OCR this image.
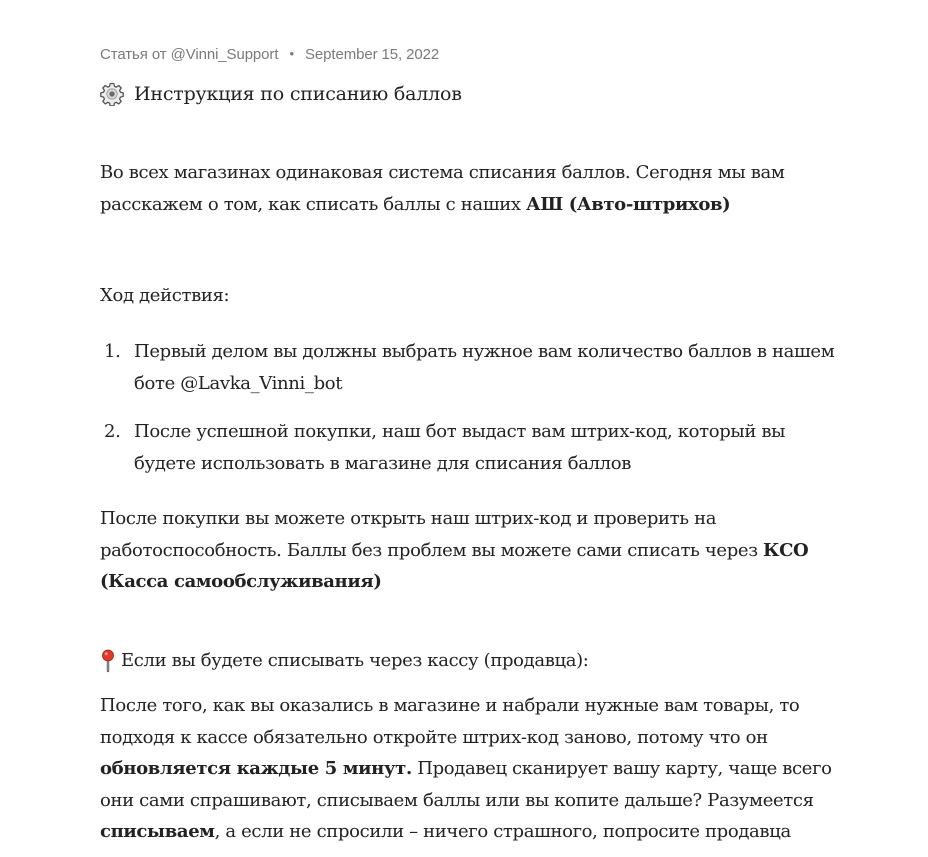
Статья от @Vinni_Support • September 15, 2022
Инструкция по списанию баллов
Во всех магазинах одинаковая система списания баллов. Сегодня мы вам
расскажем о том, как списать баллы с наших АШ (Авто-штрихов)
Ход действия:
1. Первый делом вы должны выбрать нужное вам количество баллов в нашем
боте @Lavka_Vinni_bot
2. После успешной покупки, наш бот выдаст вам штрих-код, который вы
будете использовать в магазине для списания баллов
После покупки вы можете открыть наш штрих-код и проверить на
работоспособность. Баллы без проблем вы можете сами списать через КСО
(Касса самообслуживания)
Если вы будете списывать через кассу (продавца):
После того, как вы оказались в магазине и набрали нужные вам товары, то
подходя к кассе обязательно откройте штрих-код заново, потому что он
обновляется каждые 5 минут. Продавец сканирует вашу карту, чаще всего
они сами спрашивают, списываем баллы или вы копите дальше? Разумеется
списываем, а если не спросили – ничего страшного, попросите продавца
